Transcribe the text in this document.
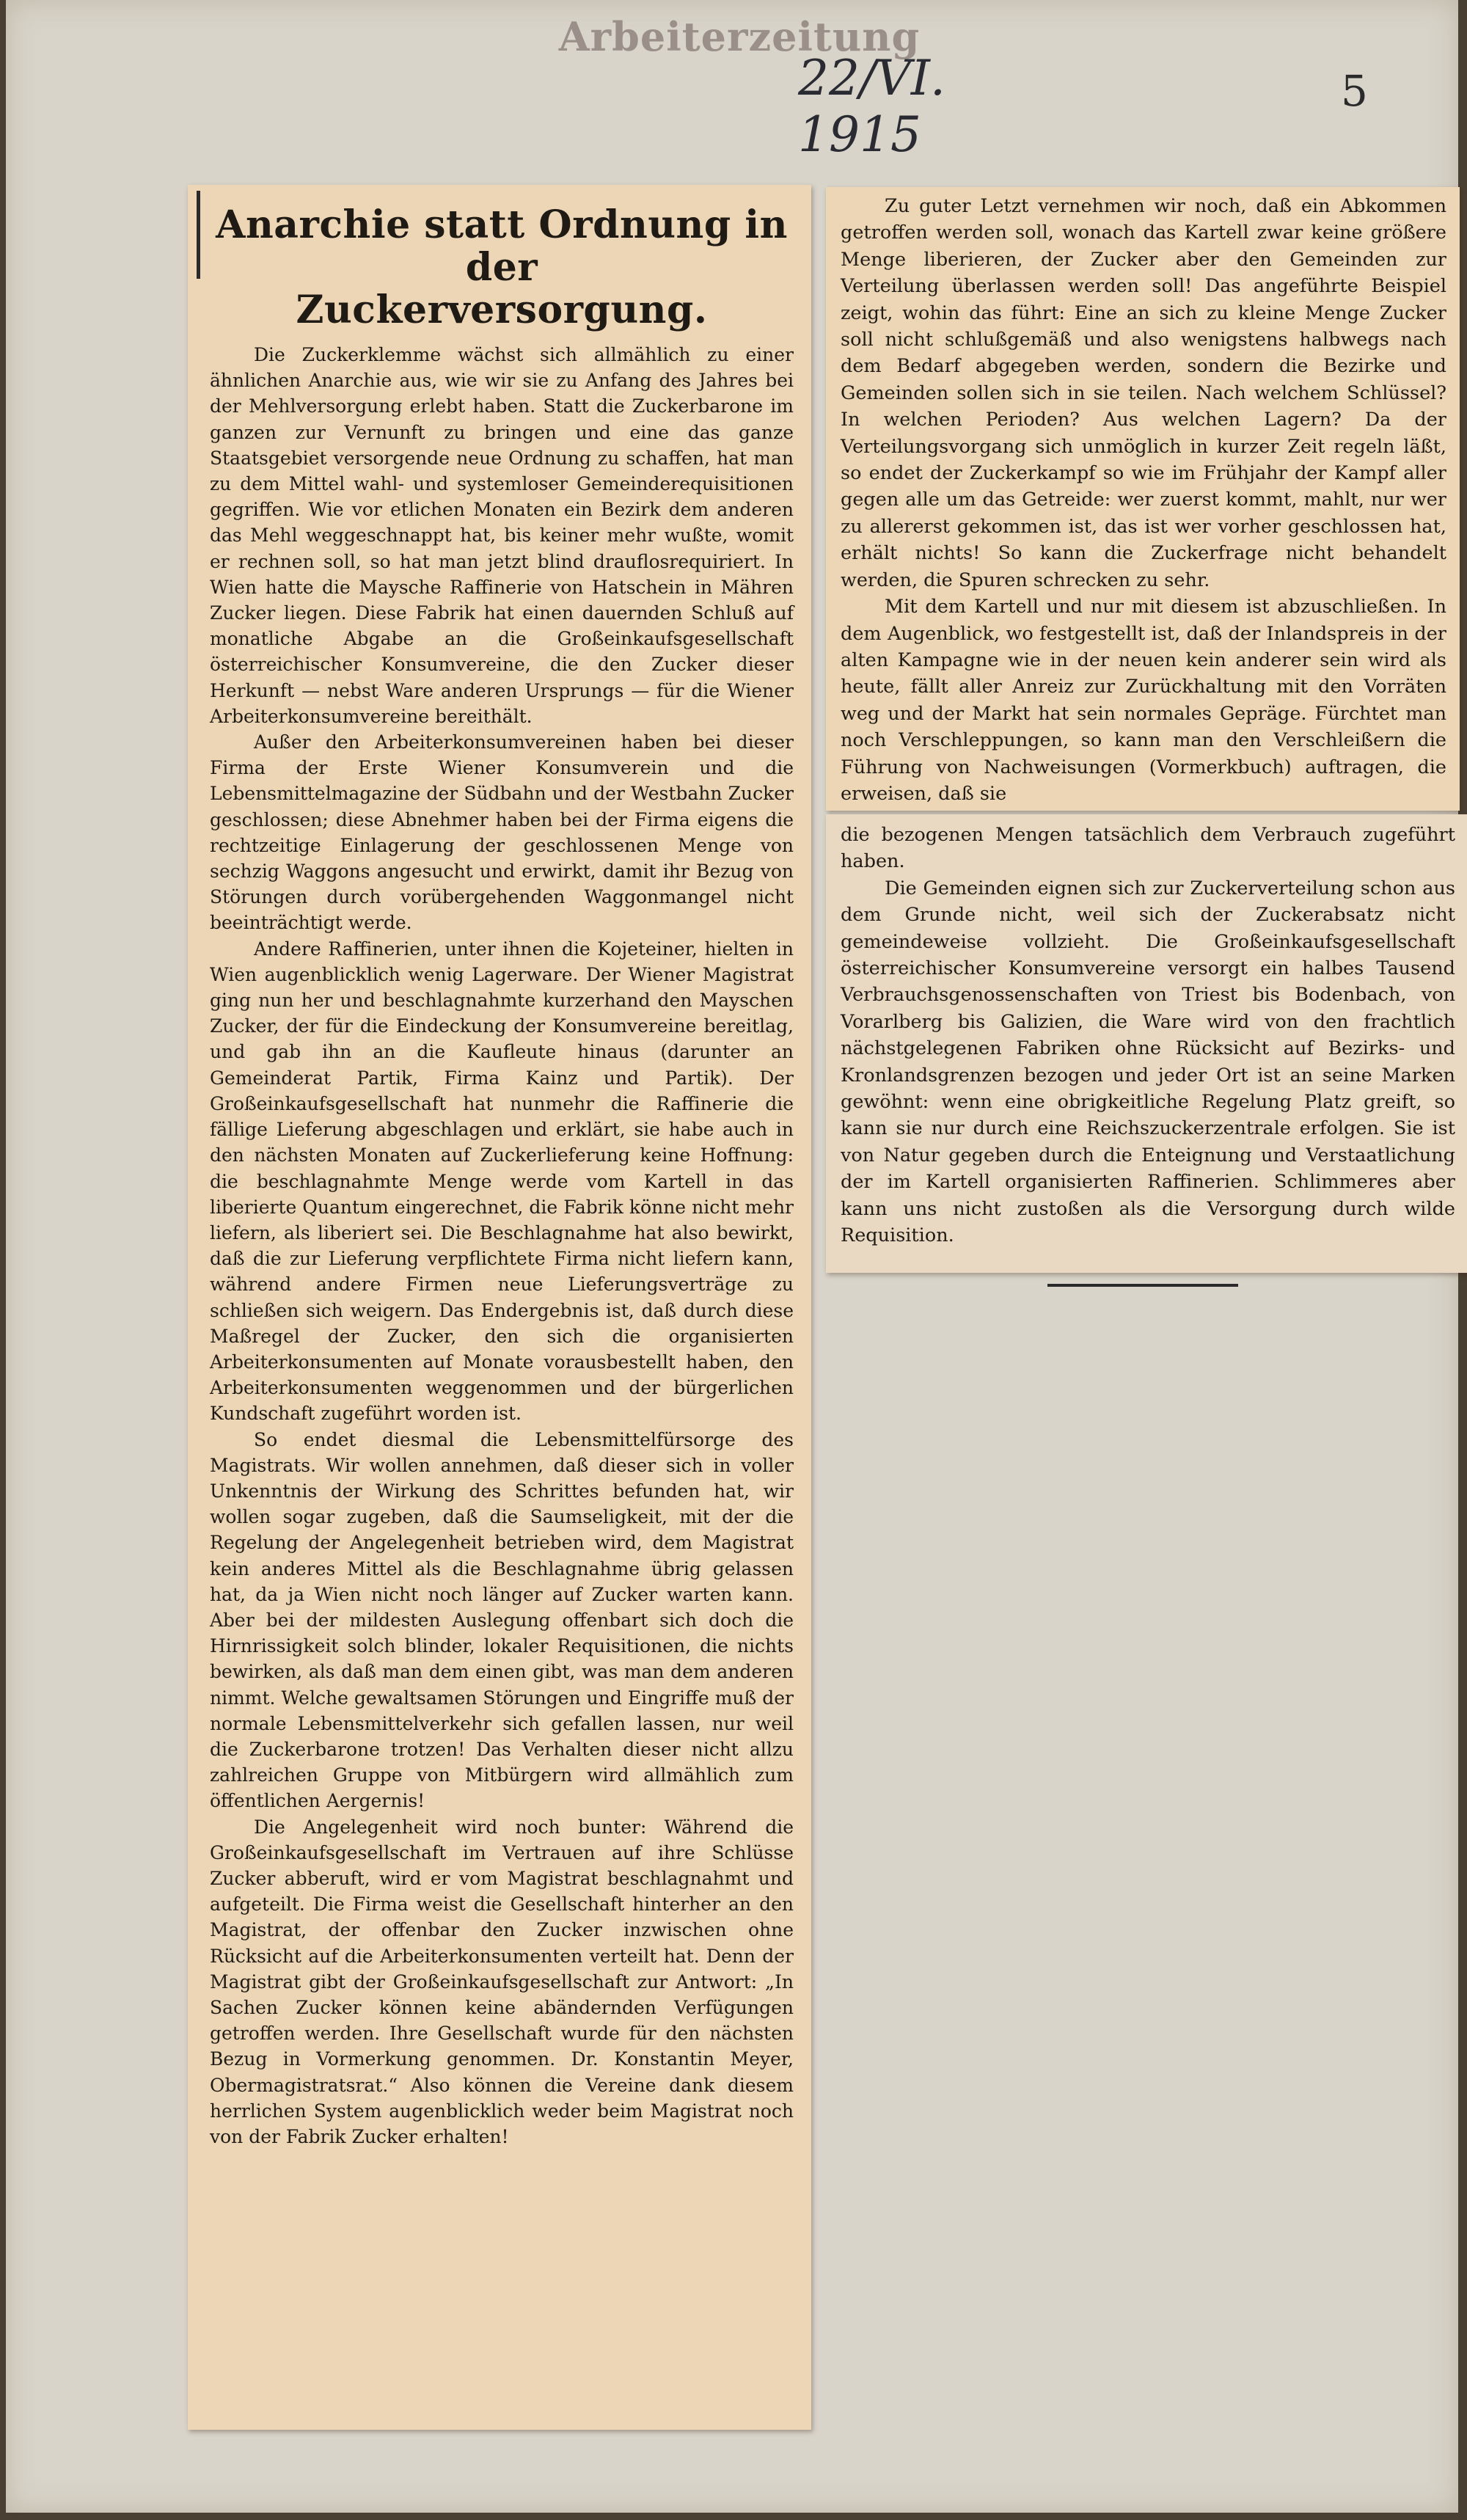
Arbeiterzeitung
22/VI. 1915
5
Anarchie statt Ordnung in der
Zuckerversorgung.

Die Zuckerklemme wächst sich allmählich zu einer ähnlichen Anarchie aus, wie wir sie zu Anfang des Jahres bei der Mehlversorgung erlebt haben. Statt die Zuckerbarone im ganzen zur Vernunft zu bringen und eine das ganze Staatsgebiet versorgende neue Ordnung zu schaffen, hat man zu dem Mittel wahl- und systemloser Gemeinderequisitionen gegriffen. Wie vor etlichen Monaten ein Bezirk dem anderen das Mehl weggeschnappt hat, bis keiner mehr wußte, womit er rechnen soll, so hat man jetzt blind drauflosrequiriert. In Wien hatte die Maysche Raffinerie von Hatschein in Mähren Zucker liegen. Diese Fabrik hat einen dauernden Schluß auf monatliche Abgabe an die Großeinkaufsgesellschaft österreichischer Konsumvereine, die den Zucker dieser Herkunft — nebst Ware anderen Ursprungs — für die Wiener Arbeiterkonsumvereine bereithält.

Außer den Arbeiterkonsumvereinen haben bei dieser Firma der Erste Wiener Konsumverein und die Lebensmittelmagazine der Südbahn und der Westbahn Zucker geschlossen; diese Abnehmer haben bei der Firma eigens die rechtzeitige Einlagerung der geschlossenen Menge von sechzig Waggons angesucht und erwirkt, damit ihr Bezug von Störungen durch vorübergehenden Waggonmangel nicht beeinträchtigt werde.

Andere Raffinerien, unter ihnen die Kojeteiner, hielten in Wien augenblicklich wenig Lagerware. Der Wiener Magistrat ging nun her und beschlagnahmte kurzerhand den Mayschen Zucker, der für die Eindeckung der Konsumvereine bereitlag, und gab ihn an die Kaufleute hinaus (darunter an Gemeinderat Partik, Firma Kainz und Partik). Der Großeinkaufsgesellschaft hat nunmehr die Raffinerie die fällige Lieferung abgeschlagen und erklärt, sie habe auch in den nächsten Monaten auf Zuckerlieferung keine Hoffnung: die beschlagnahmte Menge werde vom Kartell in das liberierte Quantum eingerechnet, die Fabrik könne nicht mehr liefern, als liberiert sei. Die Beschlagnahme hat also bewirkt, daß die zur Lieferung verpflichtete Firma nicht liefern kann, während andere Firmen neue Lieferungsverträge zu schließen sich weigern. Das Endergebnis ist, daß durch diese Maßregel der Zucker, den sich die organisierten Arbeiterkonsumenten auf Monate vorausbestellt haben, den Arbeiterkonsumenten weggenommen und der bürgerlichen Kundschaft zugeführt worden ist.

So endet diesmal die Lebensmittelfürsorge des Magistrats. Wir wollen annehmen, daß dieser sich in voller Unkenntnis der Wirkung des Schrittes befunden hat, wir wollen sogar zugeben, daß die Saumseligkeit, mit der die Regelung der Angelegenheit betrieben wird, dem Magistrat kein anderes Mittel als die Beschlagnahme übrig gelassen hat, da ja Wien nicht noch länger auf Zucker warten kann. Aber bei der mildesten Auslegung offenbart sich doch die Hirnrissigkeit solch blinder, lokaler Requisitionen, die nichts bewirken, als daß man dem einen gibt, was man dem anderen nimmt. Welche gewaltsamen Störungen und Eingriffe muß der normale Lebensmittelverkehr sich gefallen lassen, nur weil die Zuckerbarone trotzen! Das Verhalten dieser nicht allzu zahlreichen Gruppe von Mitbürgern wird allmählich zum öffentlichen Aergernis!

Die Angelegenheit wird noch bunter: Während die Großeinkaufsgesellschaft im Vertrauen auf ihre Schlüsse Zucker abberuft, wird er vom Magistrat beschlagnahmt und aufgeteilt. Die Firma weist die Gesellschaft hinterher an den Magistrat, der offenbar den Zucker inzwischen ohne Rücksicht auf die Arbeiterkonsumenten verteilt hat. Denn der Magistrat gibt der Großeinkaufsgesellschaft zur Antwort: „In Sachen Zucker können keine abändernden Verfügungen getroffen werden. Ihre Gesellschaft wurde für den nächsten Bezug in Vormerkung genommen. Dr. Konstantin Meyer, Obermagistratsrat.“ Also können die Vereine dank diesem herrlichen System augenblicklich weder beim Magistrat noch von der Fabrik Zucker erhalten!

Zu guter Letzt vernehmen wir noch, daß ein Abkommen getroffen werden soll, wonach das Kartell zwar keine größere Menge liberieren, der Zucker aber den Gemeinden zur Verteilung überlassen werden soll! Das angeführte Beispiel zeigt, wohin das führt: Eine an sich zu kleine Menge Zucker soll nicht schlußgemäß und also wenigstens halbwegs nach dem Bedarf abgegeben werden, sondern die Bezirke und Gemeinden sollen sich in sie teilen. Nach welchem Schlüssel? In welchen Perioden? Aus welchen Lagern? Da der Verteilungsvorgang sich unmöglich in kurzer Zeit regeln läßt, so endet der Zuckerkampf so wie im Frühjahr der Kampf aller gegen alle um das Getreide: wer zuerst kommt, mahlt, nur wer zu allererst gekommen ist, das ist wer vorher geschlossen hat, erhält nichts! So kann die Zuckerfrage nicht behandelt werden, die Spuren schrecken zu sehr.

Mit dem Kartell und nur mit diesem ist abzuschließen. In dem Augenblick, wo festgestellt ist, daß der Inlandspreis in der alten Kampagne wie in der neuen kein anderer sein wird als heute, fällt aller Anreiz zur Zurückhaltung mit den Vorräten weg und der Markt hat sein normales Gepräge. Fürchtet man noch Verschleppungen, so kann man den Verschleißern die Führung von Nachweisungen (Vormerkbuch) auftragen, die erweisen, daß sie

die bezogenen Mengen tatsächlich dem Verbrauch zugeführt haben.

Die Gemeinden eignen sich zur Zuckerverteilung schon aus dem Grunde nicht, weil sich der Zuckerabsatz nicht gemeindeweise vollzieht. Die Großeinkaufsgesellschaft österreichischer Konsumvereine versorgt ein halbes Tausend Verbrauchsgenossenschaften von Triest bis Bodenbach, von Vorarlberg bis Galizien, die Ware wird von den frachtlich nächstgelegenen Fabriken ohne Rücksicht auf Bezirks- und Kronlandsgrenzen bezogen und jeder Ort ist an seine Marken gewöhnt: wenn eine obrigkeitliche Regelung Platz greift, so kann sie nur durch eine Reichszuckerzentrale erfolgen. Sie ist von Natur gegeben durch die Enteignung und Verstaatlichung der im Kartell organisierten Raffinerien. Schlimmeres aber kann uns nicht zustoßen als die Versorgung durch wilde Requisition.
